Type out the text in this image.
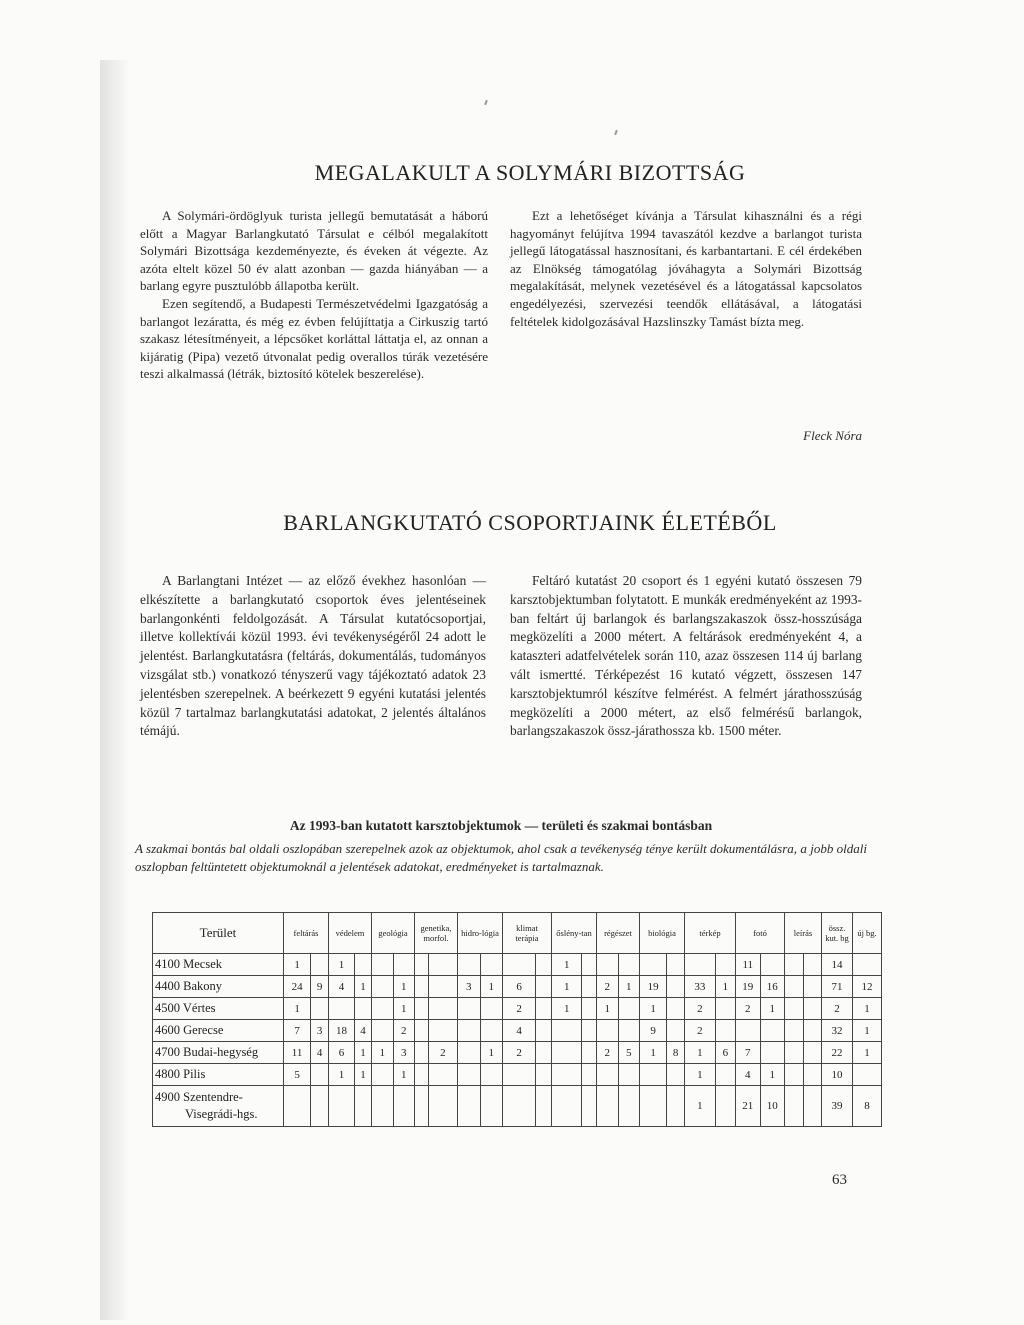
MEGALAKULT A SOLYMÁRI BIZOTTSÁG

A Solymári-ördöglyuk turista jellegű bemutatását a háború előtt a Magyar Barlangkutató Társulat e célból megalakított Solymári Bizottsága kezdeményezte, és éveken át végezte. Az azóta eltelt közel 50 év alatt azonban — gazda hiányában — a barlang egyre pusztulóbb állapotba került.

Ezen segítendő, a Budapesti Természetvédelmi Igazgatóság a barlangot lezáratta, és még ez évben felújíttatja a Cirkuszig tartó szakasz létesítményeit, a lépcsőket korláttal láttatja el, az onnan a kijáratig (Pipa) vezető útvonalat pedig overallos túrák vezetésére teszi alkalmassá (létrák, biztosító kötelek beszerelése).

Ezt a lehetőséget kívánja a Társulat kihasználni és a régi hagyományt felújítva 1994 tavaszától kezdve a barlangot turista jellegű látogatással hasznosítani, és karbantartani. E cél érdekében az Elnökség támogatólag jóváhagyta a Solymári Bizottság megalakítását, melynek vezetésével és a látogatással kapcsolatos engedélyezési, szervezési teendők ellátásával, a látogatási feltételek kidolgozásával Hazslinszky Tamást bízta meg.

Fleck Nóra
BARLANGKUTATÓ CSOPORTJAINK ÉLETÉBŐL

A Barlangtani Intézet — az előző évekhez hasonlóan — elkészítette a barlangkutató csoportok éves jelentéseinek barlangonkénti feldolgozását. A Társulat kutatócsoportjai, illetve kollektívái közül 1993. évi tevékenységéről 24 adott le jelentést. Barlangkutatásra (feltárás, dokumentálás, tudományos vizsgálat stb.) vonatkozó tényszerű vagy tájékoztató adatok 23 jelentésben szerepelnek. A beérkezett 9 egyéni kutatási jelentés közül 7 tartalmaz barlangkutatási adatokat, 2 jelentés általános témájú.

Feltáró kutatást 20 csoport és 1 egyéni kutató összesen 79 karsztobjektumban folytatott. E munkák eredményeként az 1993-ban feltárt új barlangok és barlangszakaszok össz-hosszúsága megközelíti a 2000 métert. A feltárások eredményeként 4, a kataszteri adatfelvételek során 110, azaz összesen 114 új barlang vált ismertté. Térképezést 16 kutató végzett, összesen 147 karsztobjektumról készítve felmérést. A felmért járathosszúság megközelíti a 2000 métert, az első felmérésű barlangok, barlangszakaszok össz-járathossza kb. 1500 méter.

Az 1993-ban kutatott karsztobjektumok — területi és szakmai bontásban
A szakmai bontás bal oldali oszlopában szerepelnek azok az objektumok, ahol csak a tevékenység ténye került dokumentálásra, a jobb oldali oszlopban feltüntetett objektumoknál a jelentések adatokat, eredményeket is tartalmaznak.
Terület	feltárás		védelem		geológia		genetika, morfol.		hidro-lógia		klimat terápia		őslény-tan		régészet		biológia		térkép		fotó		leírás		össz. kut. bg	új bg.
4100 Mecsek	1		1										1								11				14	
4400 Bakony	24	9	4	1		1			3	1	6		1		2	1	19		33	1	19	16			71	12
4500 Vértes	1					1					2		1		1		1		2		2	1			2	1
4600 Gerecse	7	3	18	4		2					4						9		2						32	1
4700 Budai-hegység	11	4	6	1	1	3		2		1	2				2	5	1	8	1	6	7				22	1
4800 Pilis	5		1	1		1													1		4	1			10	
4900 Szentendre-
Visegrádi-hgs.																			1		21	10			39	8
63
